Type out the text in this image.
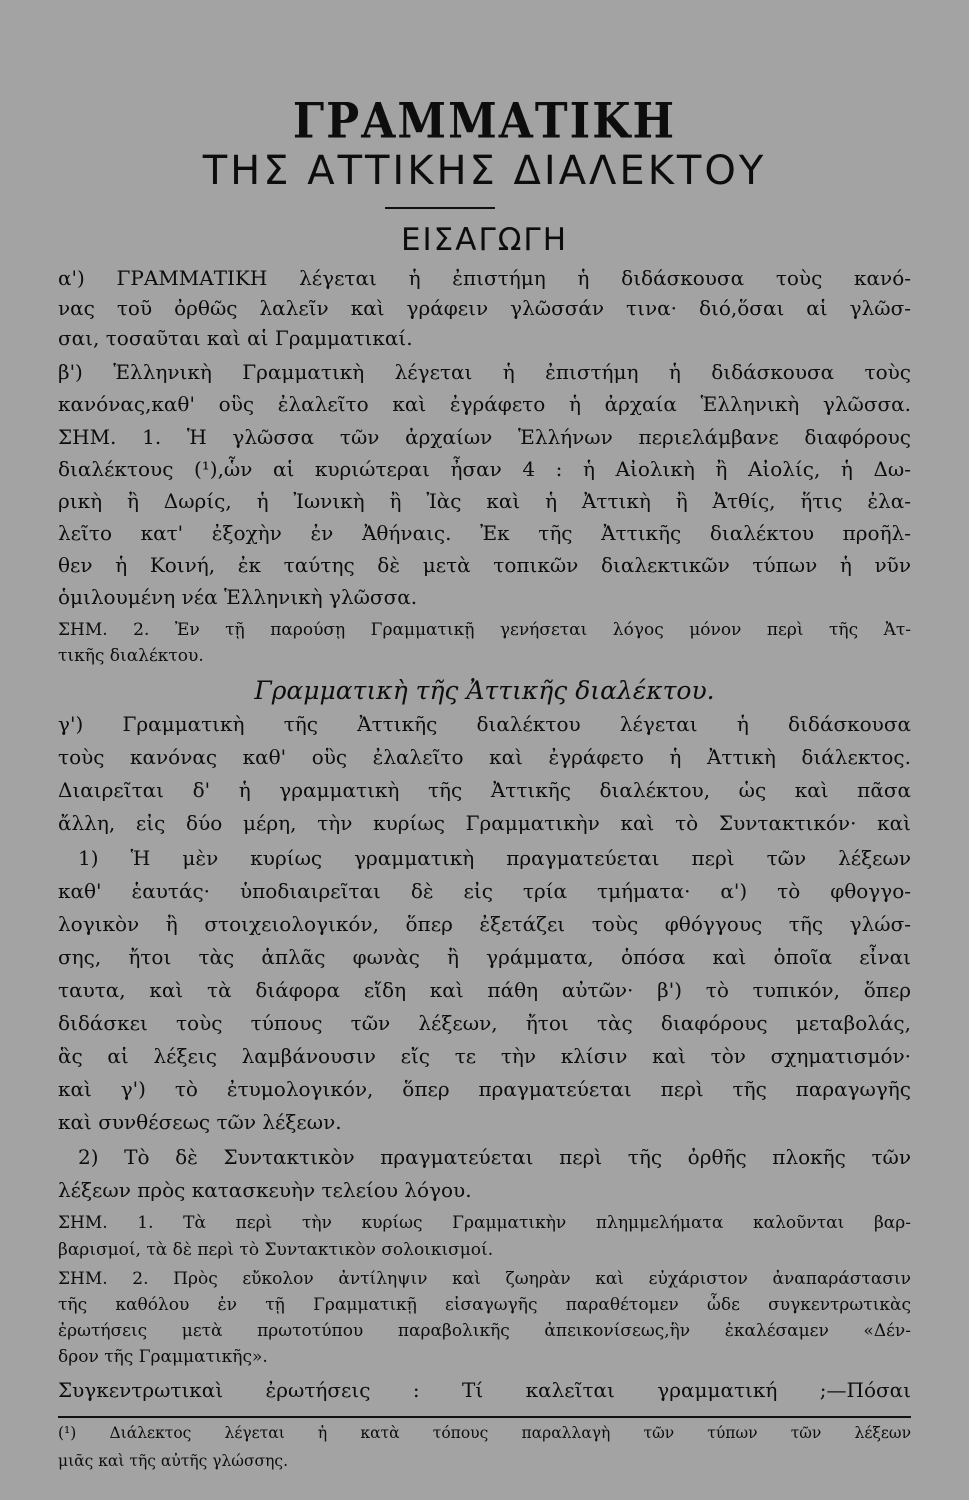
ΓΡΑΜΜΑΤΙΚΗ
ΤΗΣ ΑΤΤΙΚΗΣ ΔΙΑΛΕΚΤΟΥ
ΕΙΣΑΓΩΓΗ
α') ΓΡΑΜΜΑΤΙΚΗ λέγεται ἡ ἐπιστήμη ἡ διδάσκουσα τοὺς κανό-
νας τοῦ ὀρθῶς λαλεῖν καὶ γράφειν γλῶσσάν τινα· διό,ὅσαι αἱ γλῶσ-
σαι, τοσαῦται καὶ αἱ Γραμματικαί.
β') Ἑλληνικὴ Γραμματικὴ λέγεται ἡ ἐπιστήμη ἡ διδάσκουσα τοὺς
κανόνας,καθ' οὓς ἐλαλεῖτο καὶ ἐγράφετο ἡ ἀρχαία Ἑλληνικὴ γλῶσσα.
ΣΗΜ. 1. Ἡ γλῶσσα τῶν ἀρχαίων Ἑλλήνων περιελάμβανε διαφόρους
διαλέκτους (¹),ὧν αἱ κυριώτεραι ἦσαν 4 : ἡ Αἰολικὴ ἢ Αἰολίς, ἡ Δω-
ρικὴ ἢ Δωρίς, ἡ Ἰωνικὴ ἢ Ἰὰς καὶ ἡ Ἀττικὴ ἢ Ἀτθίς, ἥτις ἐλα-
λεῖτο κατ' ἐξοχὴν ἐν Ἀθήναις. Ἐκ τῆς Ἀττικῆς διαλέκτου προῆλ-
θεν ἡ Κοινή, ἐκ ταύτης δὲ μετὰ τοπικῶν διαλεκτικῶν τύπων ἡ νῦν
ὁμιλουμένη νέα Ἑλληνικὴ γλῶσσα.
ΣΗΜ. 2. Ἐν τῇ παρούσῃ Γραμματικῇ γενήσεται λόγος μόνον περὶ τῆς Ἀτ-
τικῆς διαλέκτου.
Γραμματικὴ τῆς Ἀττικῆς διαλέκτου.
γ') Γραμματικὴ τῆς Ἀττικῆς διαλέκτου λέγεται ἡ διδάσκουσα
τοὺς κανόνας καθ' οὓς ἐλαλεῖτο καὶ ἐγράφετο ἡ Ἀττικὴ διάλεκτος.
Διαιρεῖται δ' ἡ γραμματικὴ τῆς Ἀττικῆς διαλέκτου, ὡς καὶ πᾶσα
ἄλλη, εἰς δύο μέρη, τὴν κυρίως Γραμματικὴν καὶ τὸ Συντακτικόν· καὶ
1) Ἡ μὲν κυρίως γραμματικὴ πραγματεύεται περὶ τῶν λέξεων
καθ' ἑαυτάς· ὑποδιαιρεῖται δὲ εἰς τρία τμήματα· α') τὸ φθογγο-
λογικὸν ἢ στοιχειολογικόν, ὅπερ ἐξετάζει τοὺς φθόγγους τῆς γλώσ-
σης, ἤτοι τὰς ἁπλᾶς φωνὰς ἢ γράμματα, ὁπόσα καὶ ὁποῖα εἶναι
ταυτα, καὶ τὰ διάφορα εἴδη καὶ πάθη αὐτῶν· β') τὸ τυπικόν, ὅπερ
διδάσκει τοὺς τύπους τῶν λέξεων, ἤτοι τὰς διαφόρους μεταβολάς,
ἃς αἱ λέξεις λαμβάνουσιν εἴς τε τὴν κλίσιν καὶ τὸν σχηματισμόν·
καὶ γ') τὸ ἐτυμολογικόν, ὅπερ πραγματεύεται περὶ τῆς παραγωγῆς
καὶ συνθέσεως τῶν λέξεων.
2) Τὸ δὲ Συντακτικὸν πραγματεύεται περὶ τῆς ὀρθῆς πλοκῆς τῶν
λέξεων πρὸς κατασκευὴν τελείου λόγου.
ΣΗΜ. 1. Τὰ περὶ τὴν κυρίως Γραμματικὴν πλημμελήματα καλοῦνται βαρ-
βαρισμοί, τὰ δὲ περὶ τὸ Συντακτικὸν σολοικισμοί.
ΣΗΜ. 2. Πρὸς εὔκολον ἀντίληψιν καὶ ζωηρὰν καὶ εὐχάριστον ἀναπαράστασιν
τῆς καθόλου ἐν τῇ Γραμματικῇ εἰσαγωγῆς παραθέτομεν ὧδε συγκεντρωτικὰς
ἐρωτήσεις μετὰ πρωτοτύπου παραβολικῆς ἀπεικονίσεως,ἣν ἐκαλέσαμεν «Δέν-
δρον τῆς Γραμματικῆς».
Συγκεντρωτικαὶ ἐρωτήσεις : Τί καλεῖται γραμματική ;—Πόσαι
(¹) Διάλεκτος λέγεται ἡ κατὰ τόπους παραλλαγὴ τῶν τύπων τῶν λέξεων
μιᾶς καὶ τῆς αὐτῆς γλώσσης.
